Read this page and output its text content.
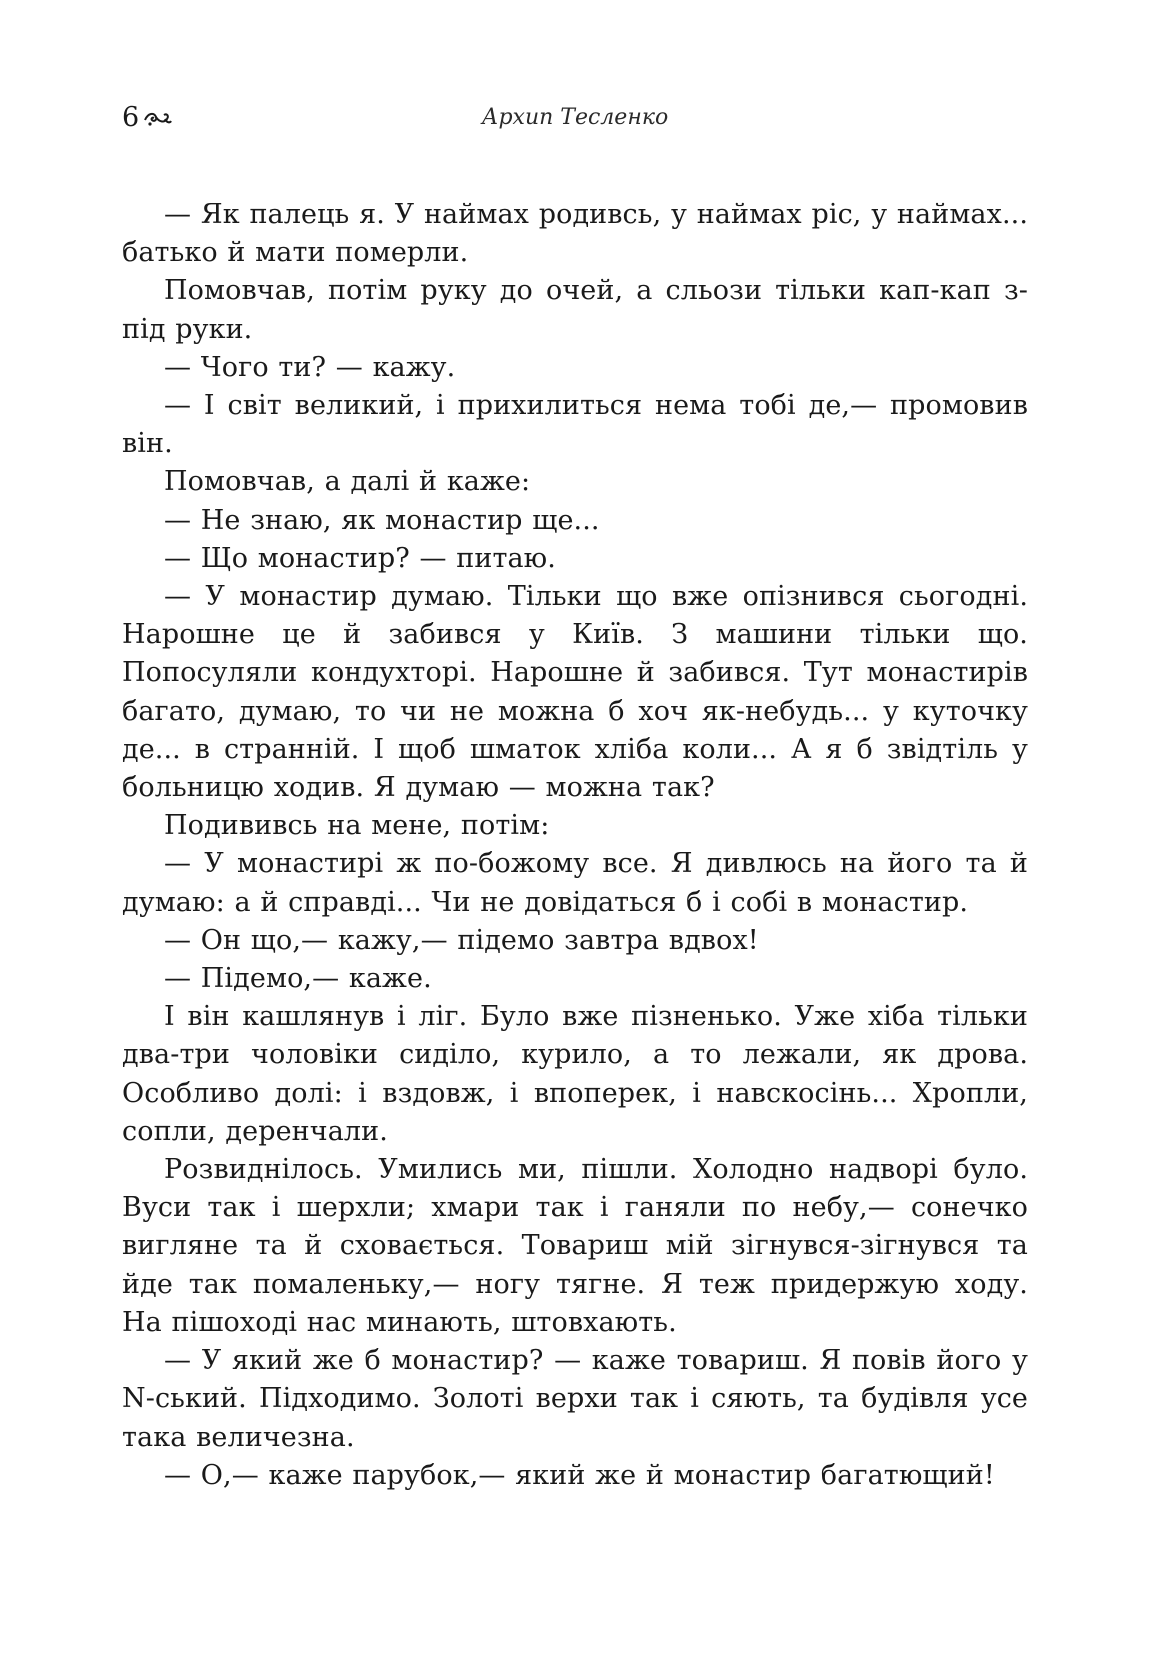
6	Архип Тесленко

— Як палець я. У наймах родивсь, у наймах ріс, у наймах... батько й мати померли.

Помовчав, потім руку до очей, а сльози тільки кап-кап з-під руки.

— Чого ти? — кажу.

— І світ великий, і прихилиться нема тобі де,— промовив він.

Помовчав, а далі й каже:

— Не знаю, як монастир ще...

— Що монастир? — питаю.

— У монастир думаю. Тільки що вже опізнився сьогодні. Нарошне це й забився у Київ. З машини тільки що. Попосуляли кондухторі. Нарошне й забився. Тут монастирів багато, думаю, то чи не можна б хоч як-небудь... у куточку де... в странній. І щоб шматок хліба коли... А я б звідтіль у больницю ходив. Я думаю — можна так?

Подививсь на мене, потім:

— У монастирі ж по-божому все. Я дивлюсь на його та й думаю: а й справді... Чи не довідаться б і собі в монастир.

— Он що,— кажу,— підемо завтра вдвох!

— Підемо,— каже.

І він кашлянув і ліг. Було вже пізненько. Уже хіба тільки два-три чоловіки сиділо, курило, а то лежали, як дрова. Особливо долі: і вздовж, і впоперек, і навскосінь... Хропли, сопли, деренчали.

Розвиднілось. Умились ми, пішли. Холодно надворі було. Вуси так і шерхли; хмари так і ганяли по небу,— сонечко вигляне та й сховається. Товариш мій зігнувся-зігнувся та йде так помаленьку,— ногу тягне. Я теж придержую ходу. На пішоході нас минають, штовхають.

— У який же б монастир? — каже товариш. Я повів його у N-ський. Підходимо. Золоті верхи так і сяють, та будівля усе така величезна.

— О,— каже парубок,— який же й монастир багатющий!
